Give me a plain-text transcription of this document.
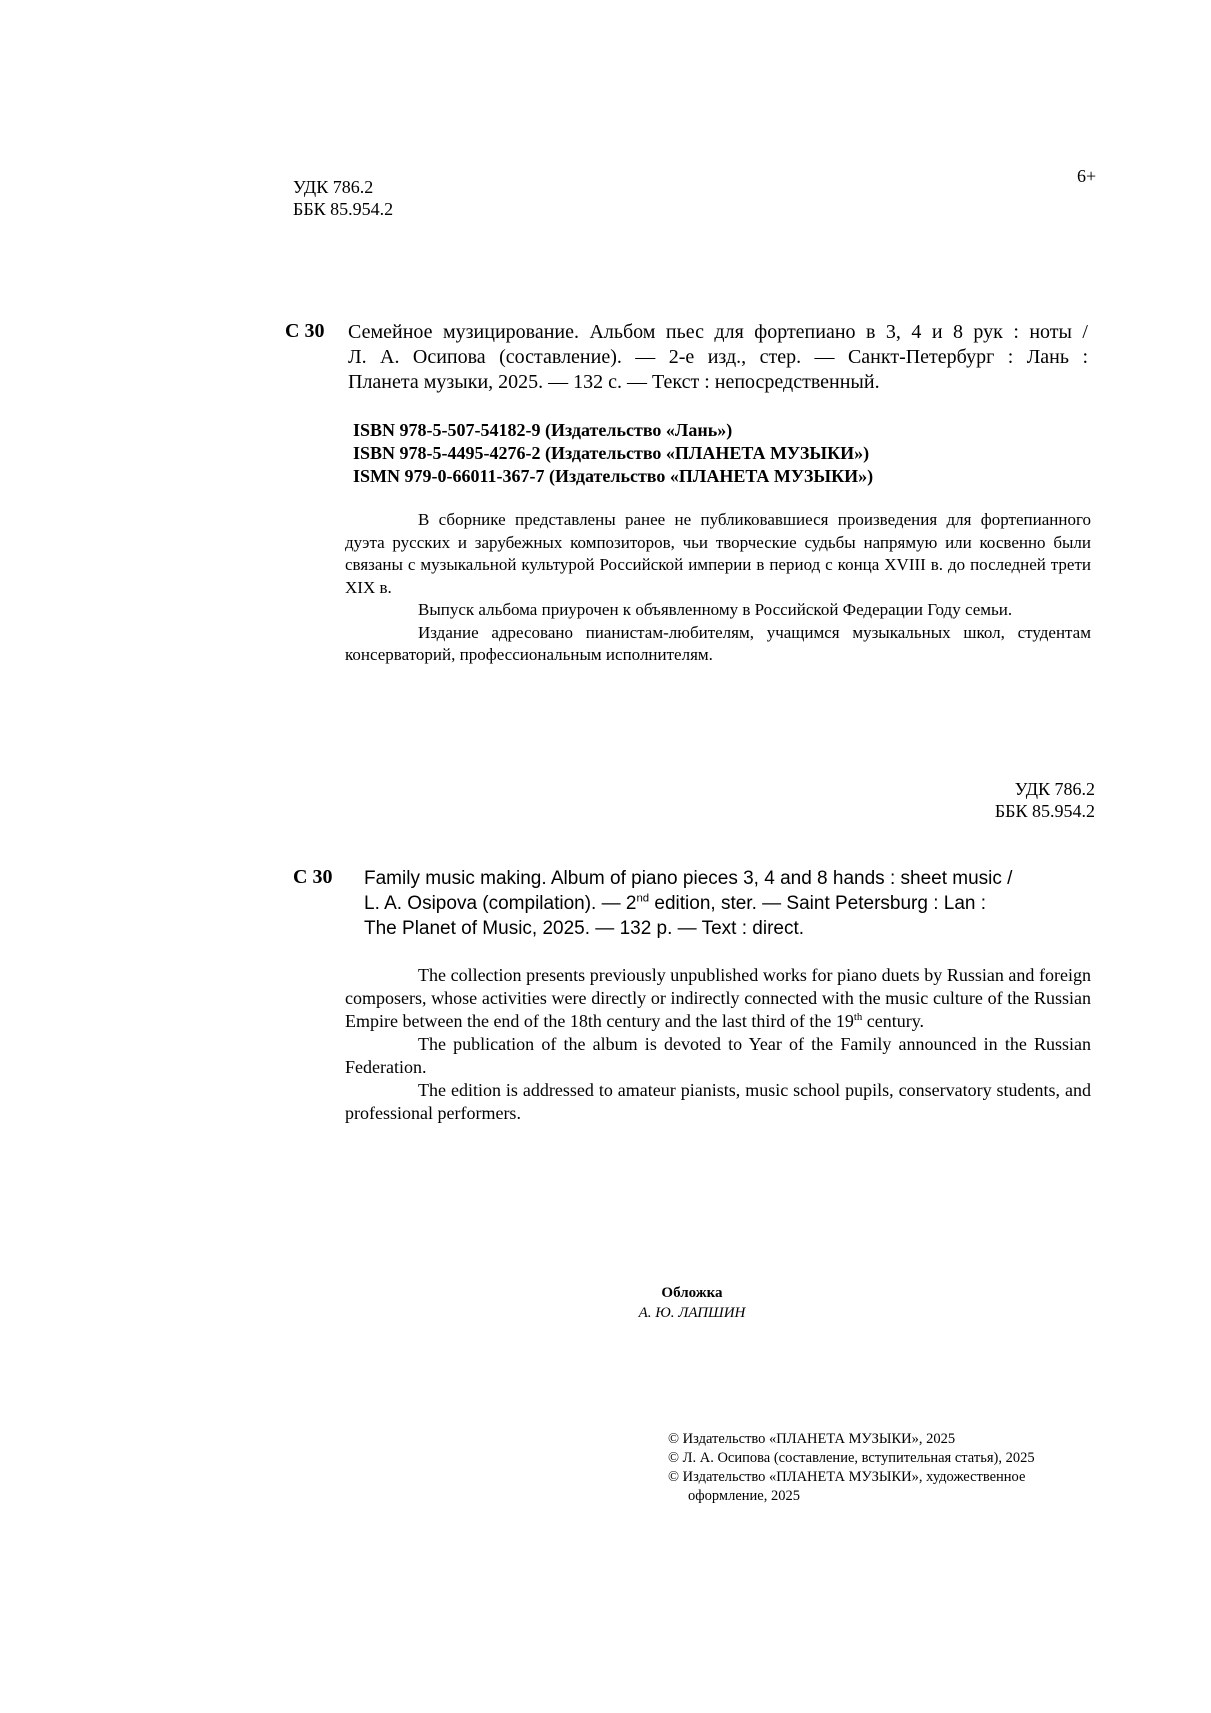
УДК 786.2
ББК 85.954.2
6+
С 30 Семейное музицирование. Альбом пьес для фортепиано в 3, 4 и 8 рук : ноты /
Л. А. Осипова (составление). — 2-е изд., стер. — Санкт-Петербург : Лань :
Планета музыки, 2025. — 132 с. — Текст : непосредственный.
ISBN 978-5-507-54182-9 (Издательство «Лань»)
ISBN 978-5-4495-4276-2 (Издательство «ПЛАНЕТА МУЗЫКИ»)
ISMN 979-0-66011-367-7 (Издательство «ПЛАНЕТА МУЗЫКИ»)

В сборнике представлены ранее не публиковавшиеся произведения для фортепианного дуэта русских и зарубежных композиторов, чьи творческие судьбы напрямую или косвенно были связаны с музыкальной культурой Российской империи в период с конца XVIII в. до последней трети XIX в.

Выпуск альбома приурочен к объявленному в Российской Федерации Году семьи.

Издание адресовано пианистам-любителям, учащимся музыкальных школ, студентам консерваторий, профессиональным исполнителям.

УДК 786.2
ББК 85.954.2
С 30 Family music making. Album of piano pieces 3, 4 and 8 hands : sheet music /
L. A. Osipova (compilation). — 2nd edition, ster. — Saint Petersburg : Lan :
The Planet of Music, 2025. — 132 p. — Text : direct.

The collection presents previously unpublished works for piano duets by Russian and foreign composers, whose activities were directly or indirectly connected with the music culture of the Russian Empire between the end of the 18th century and the last third of the 19th century.

The publication of the album is devoted to Year of the Family announced in the Russian Federation.

The edition is addressed to amateur pianists, music school pupils, conservatory students, and professional performers.

Обложка
А. Ю. ЛАПШИН
© Издательство «ПЛАНЕТА МУЗЫКИ», 2025
© Л. А. Осипова (составление, вступительная статья), 2025
© Издательство «ПЛАНЕТА МУЗЫКИ», художественное оформление, 2025
